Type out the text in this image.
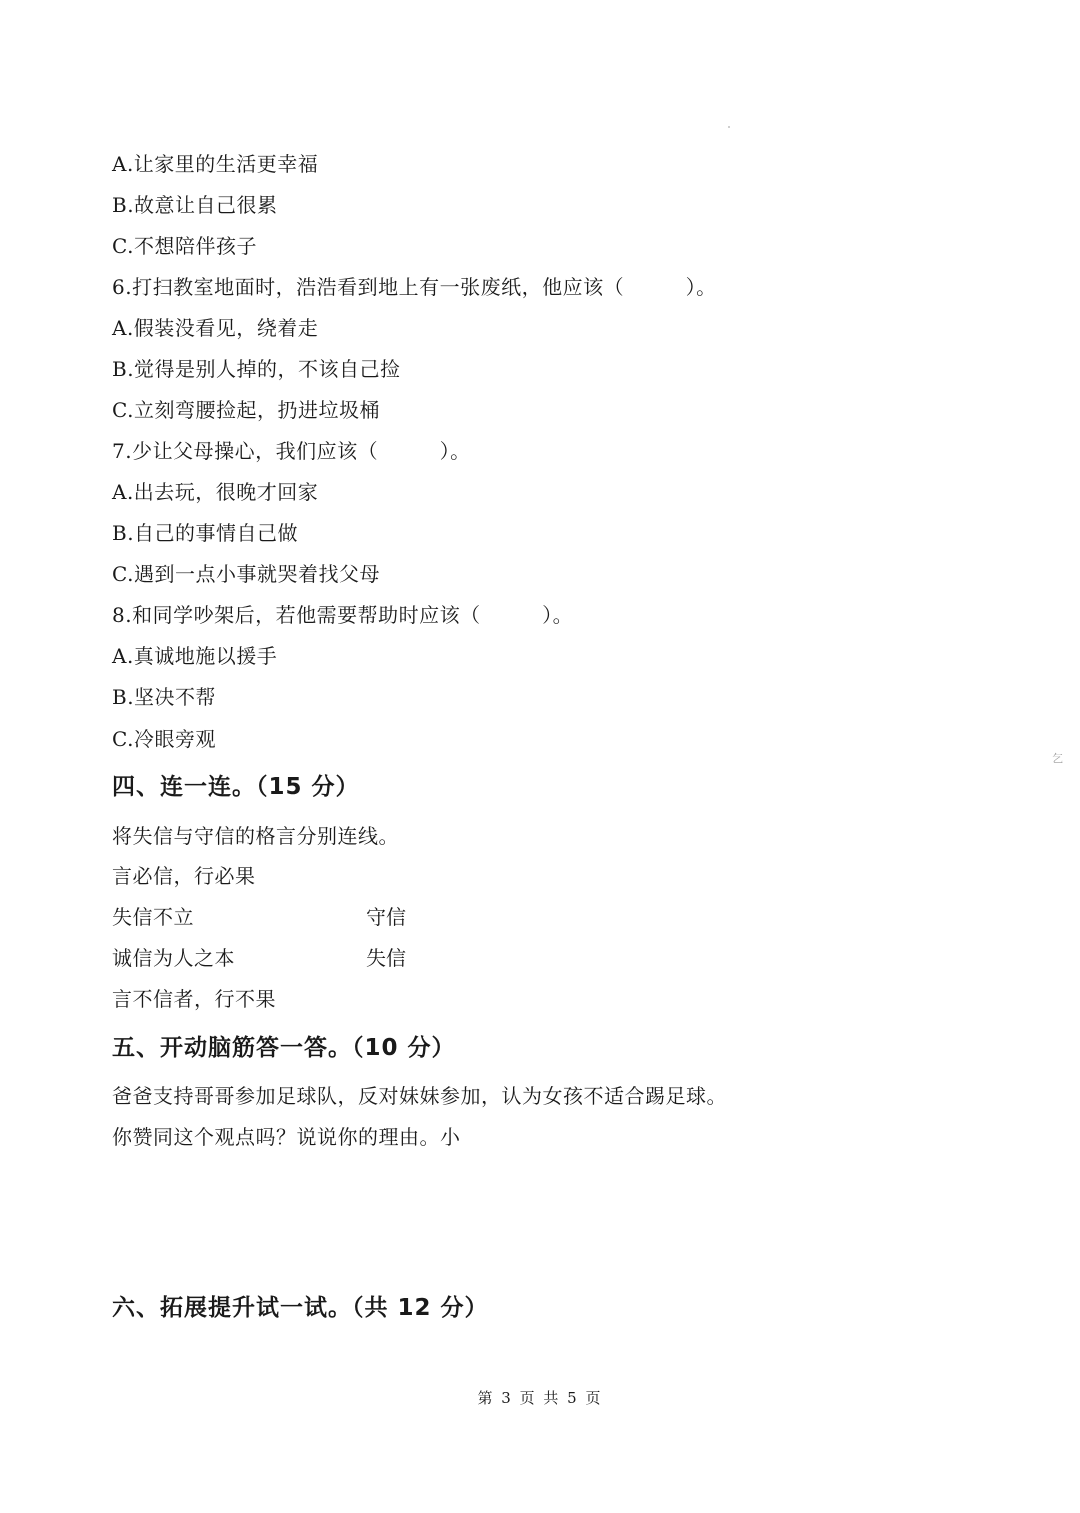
A.让家里的生活更幸福
B.故意让自己很累
C.不想陪伴孩子
6.打扫教室地面时，浩浩看到地上有一张废纸，他应该（　　　）。
A.假装没看见，绕着走
B.觉得是别人掉的，不该自己捡
C.立刻弯腰捡起，扔进垃圾桶
7.少让父母操心，我们应该（　　　）。
A.出去玩，很晚才回家
B.自己的事情自己做
C.遇到一点小事就哭着找父母
8.和同学吵架后，若他需要帮助时应该（　　　）。
A.真诚地施以援手
B.坚决不帮
C.冷眼旁观
四、连一连。（15 分）
将失信与守信的格言分别连线。
言必信，行必果
失信不立	守信
诚信为人之本	失信
言不信者，行不果
五、开动脑筋答一答。（10 分）
爸爸支持哥哥参加足球队，反对妹妹参加，认为女孩不适合踢足球。
你赞同这个观点吗？说说你的理由。小
六、拓展提升试一试。（共 12 分）
第 3 页 共 5 页
乞
